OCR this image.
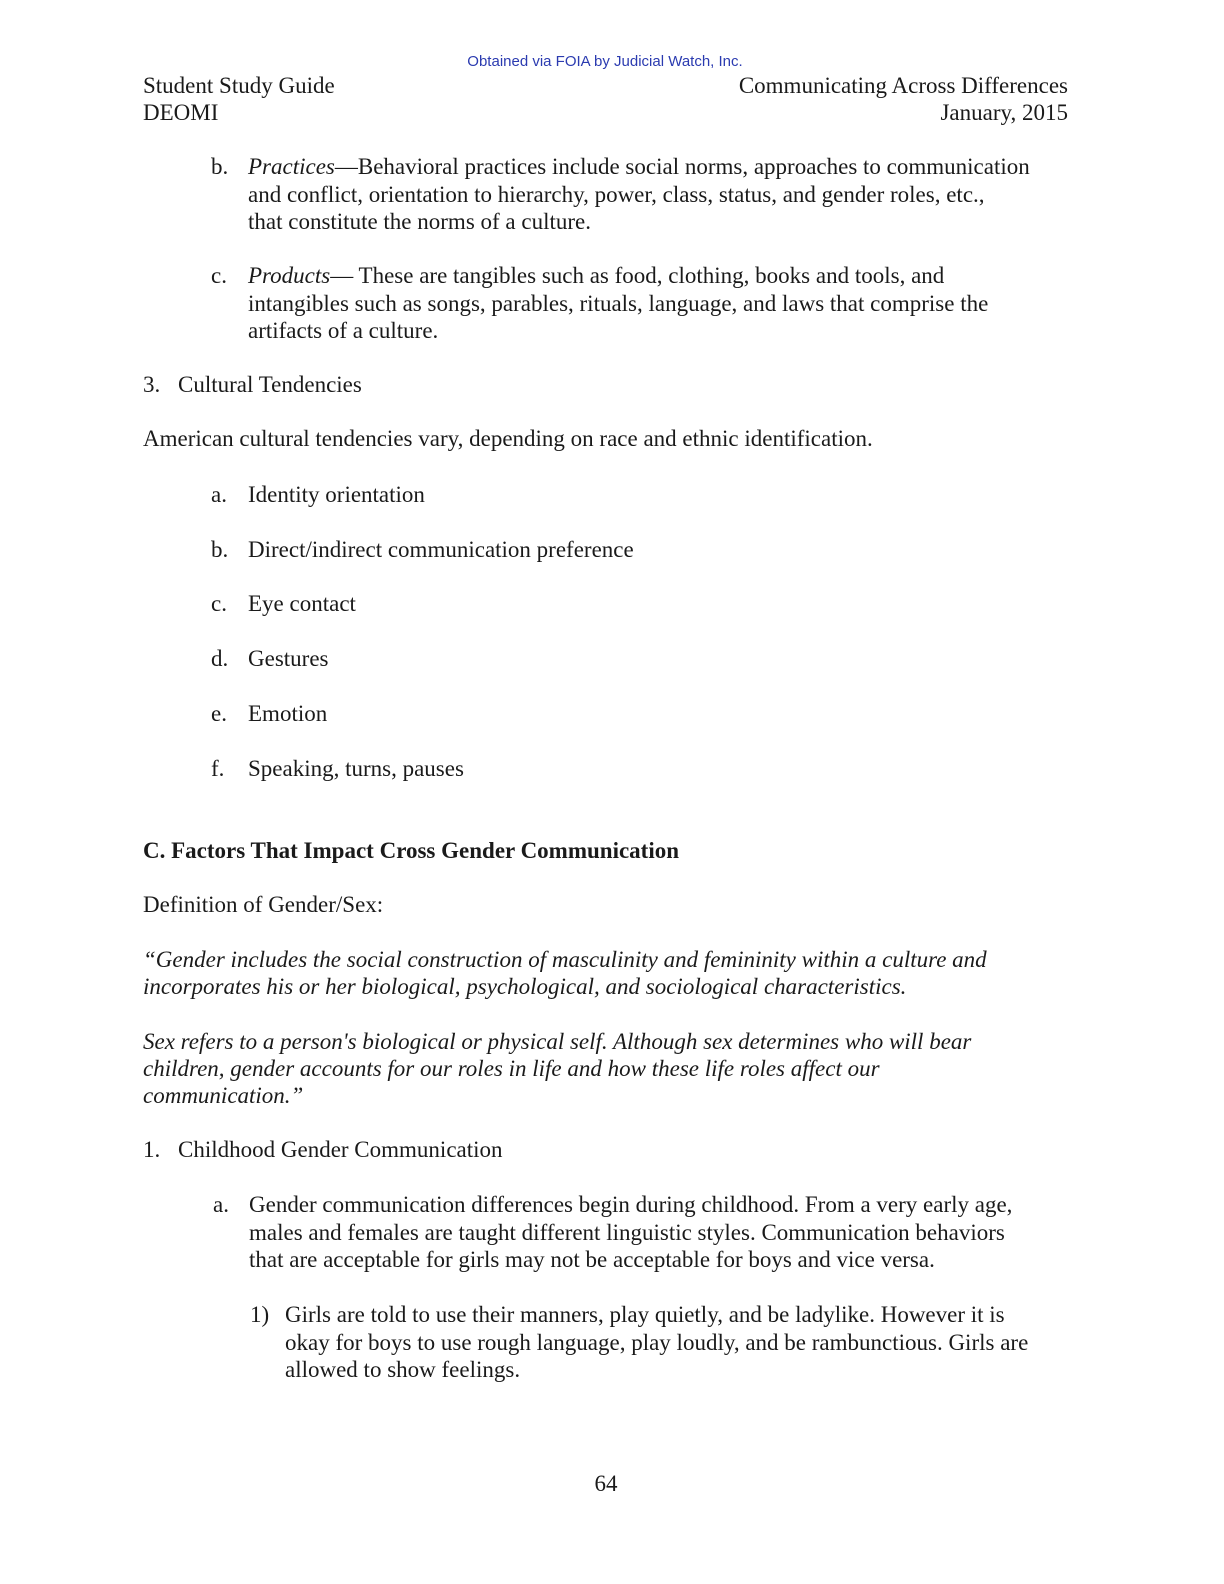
Obtained via FOIA by Judicial Watch, Inc.
Student Study Guide
DEOMI
Communicating Across Differences
January, 2015
b. Practices—Behavioral practices include social norms, approaches to communication
and conflict, orientation to hierarchy, power, class, status, and gender roles, etc.,
that constitute the norms of a culture.
c. Products— These are tangibles such as food, clothing, books and tools, and
intangibles such as songs, parables, rituals, language, and laws that comprise the
artifacts of a culture.
3. Cultural Tendencies
American cultural tendencies vary, depending on race and ethnic identification.
a. Identity orientation
b. Direct/indirect communication preference
c. Eye contact
d. Gestures
e. Emotion
f. Speaking, turns, pauses
C. Factors That Impact Cross Gender Communication
Definition of Gender/Sex:
“Gender includes the social construction of masculinity and femininity within a culture and
incorporates his or her biological, psychological, and sociological characteristics.
Sex refers to a person's biological or physical self. Although sex determines who will bear
children, gender accounts for our roles in life and how these life roles affect our
communication.”
1. Childhood Gender Communication
a. Gender communication differences begin during childhood. From a very early age,
males and females are taught different linguistic styles. Communication behaviors
that are acceptable for girls may not be acceptable for boys and vice versa.
1) Girls are told to use their manners, play quietly, and be ladylike. However it is
okay for boys to use rough language, play loudly, and be rambunctious. Girls are
allowed to show feelings.
64
